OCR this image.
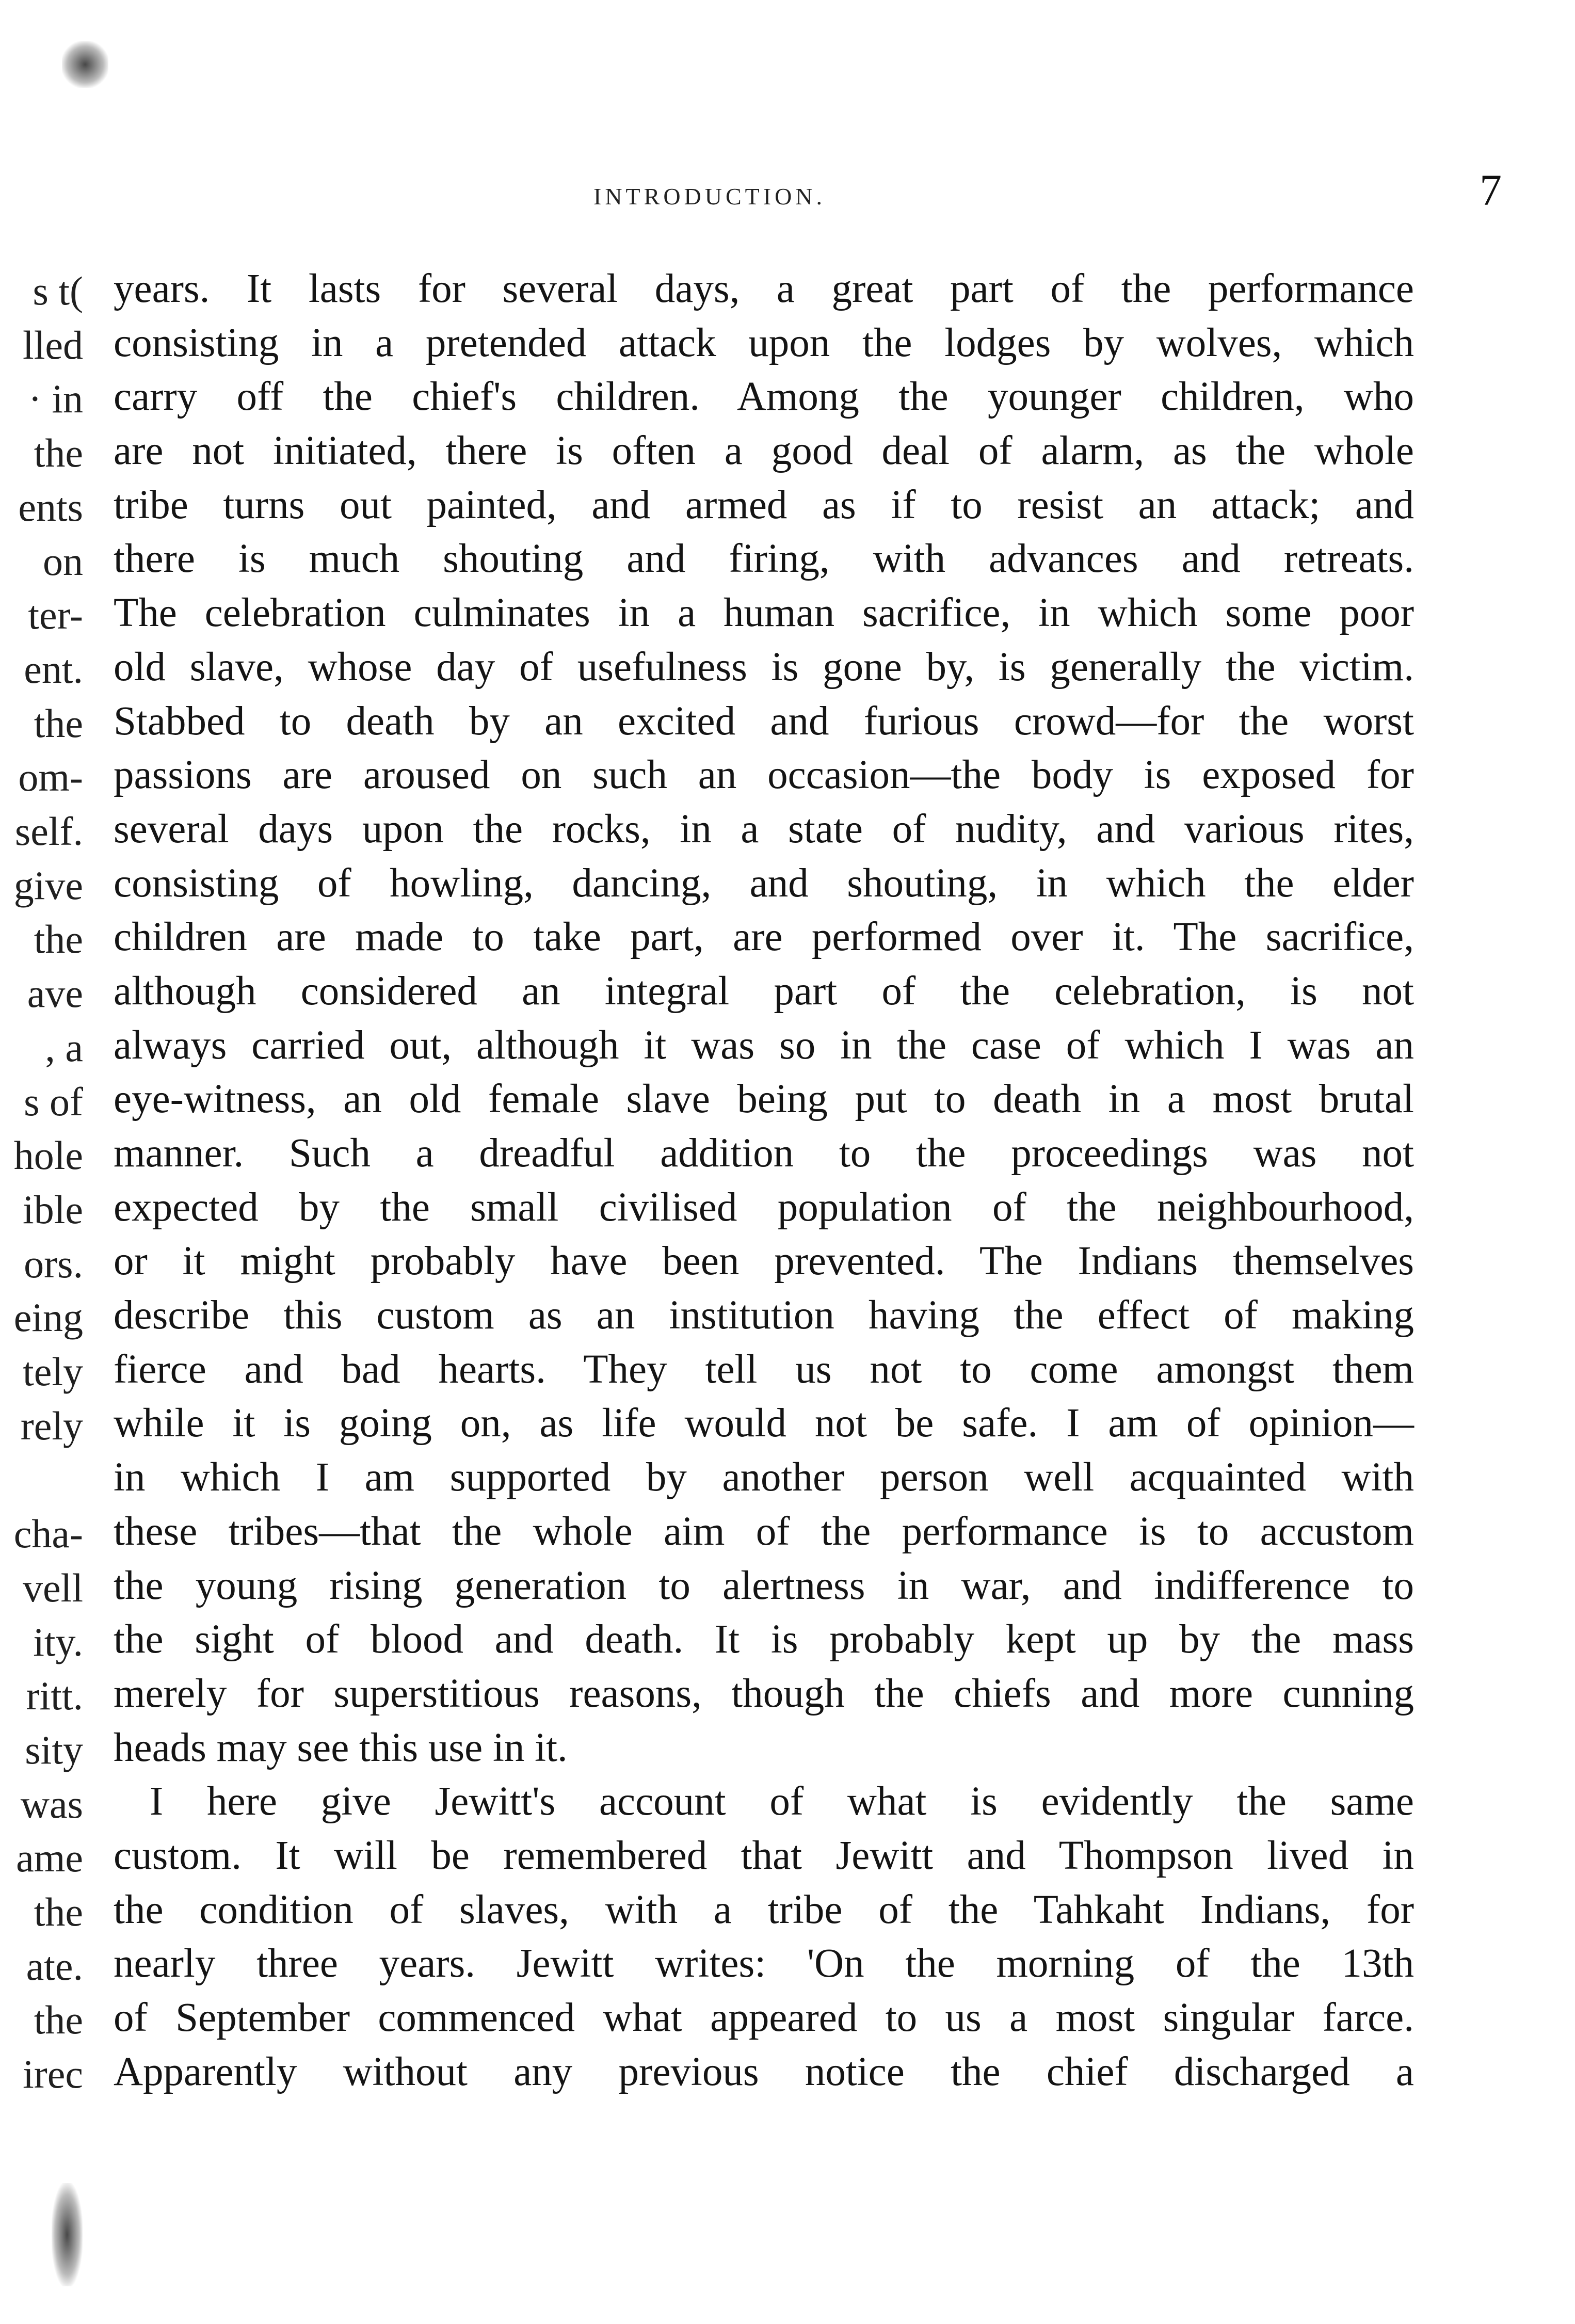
INTRODUCTION.	7
s t(
lled
· in
the
ents
on
ter-
ent.
the
om-
self.
give
the
ave
, a
s of
hole
ible
ors.
eing
tely
rely
cha-
vell
ity.
ritt.
sity
was
ame
the
ate.
the
irec
years. It lasts for several days, a great part of the performance
consisting in a pretended attack upon the lodges by wolves, which
carry off the chief's children. Among the younger children, who
are not initiated, there is often a good deal of alarm, as the whole
tribe turns out painted, and armed as if to resist an attack; and
there is much shouting and firing, with advances and retreats.
The celebration culminates in a human sacrifice, in which some poor
old slave, whose day of usefulness is gone by, is generally the victim.
Stabbed to death by an excited and furious crowd—for the worst
passions are aroused on such an occasion—the body is exposed for
several days upon the rocks, in a state of nudity, and various rites,
consisting of howling, dancing, and shouting, in which the elder
children are made to take part, are performed over it. The sacrifice,
although considered an integral part of the celebration, is not
always carried out, although it was so in the case of which I was an
eye-witness, an old female slave being put to death in a most brutal
manner. Such a dreadful addition to the proceedings was not
expected by the small civilised population of the neighbourhood,
or it might probably have been prevented. The Indians themselves
describe this custom as an institution having the effect of making
fierce and bad hearts. They tell us not to come amongst them
while it is going on, as life would not be safe. I am of opinion—
in which I am supported by another person well acquainted with
these tribes—that the whole aim of the performance is to accustom
the young rising generation to alertness in war, and indifference to
the sight of blood and death. It is probably kept up by the mass
merely for superstitious reasons, though the chiefs and more cunning
heads may see this use in it.
I here give Jewitt's account of what is evidently the same
custom. It will be remembered that Jewitt and Thompson lived in
the condition of slaves, with a tribe of the Tahkaht Indians, for
nearly three years. Jewitt writes: 'On the morning of the 13th
of September commenced what appeared to us a most singular farce.
Apparently without any previous notice the chief discharged a
